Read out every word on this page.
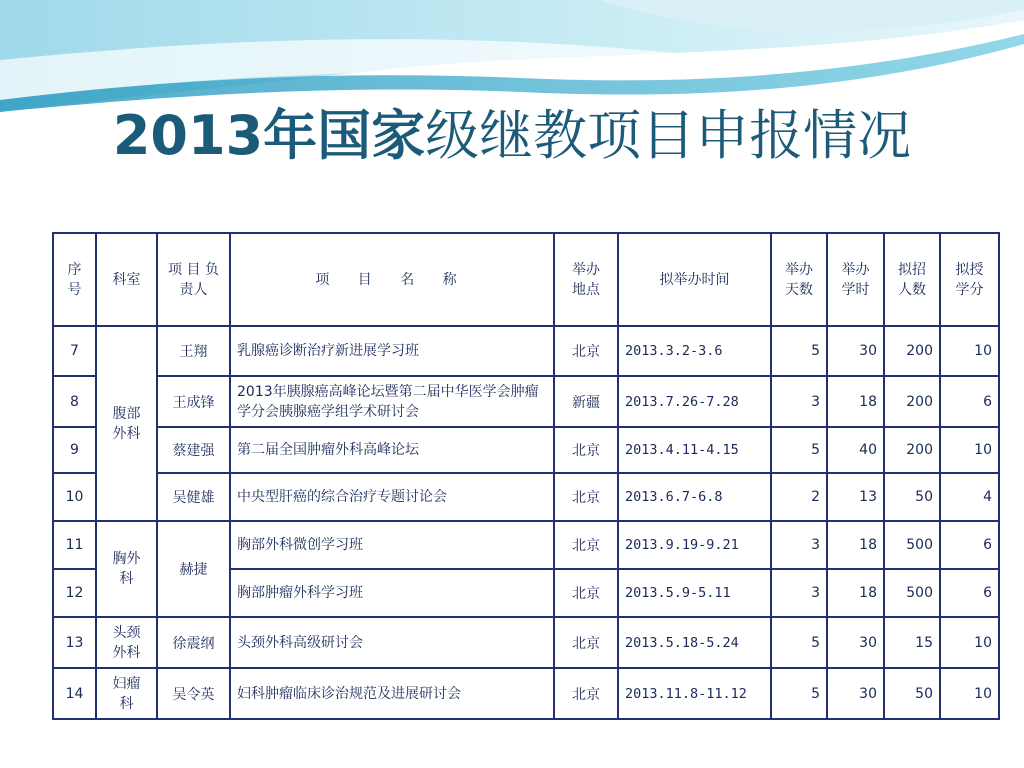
2013年国家级继教项目申报情况
序号	科室	项 目 负责人	项 目 名 称	举办地点	拟举办时间	举办天数	举办学时	拟招人数	拟授学分

7	腹部外科	王翔	乳腺癌诊断治疗新进展学习班	北京	2013.3.2-3.6	5	30	200	10
8		王成锋	2013年胰腺癌高峰论坛暨第二届中华医学会肿瘤学分会胰腺癌学组学术研讨会	新疆	2013.7.26-7.28	3	18	200	6
9		蔡建强	第二届全国肿瘤外科高峰论坛	北京	2013.4.11-4.15	5	40	200	10
10		吴健雄	中央型肝癌的综合治疗专题讨论会	北京	2013.6.7-6.8	2	13	50	4
11	胸外科	赫捷	胸部外科微创学习班	北京	2013.9.19-9.21	3	18	500	6
12			胸部肿瘤外科学习班	北京	2013.5.9-5.11	3	18	500	6
13	头颈外科	徐震纲	头颈外科高级研讨会	北京	2013.5.18-5.24	5	30	15	10
14	妇瘤科	吴令英	妇科肿瘤临床诊治规范及进展研讨会	北京	2013.11.8-11.12	5	30	50	10
